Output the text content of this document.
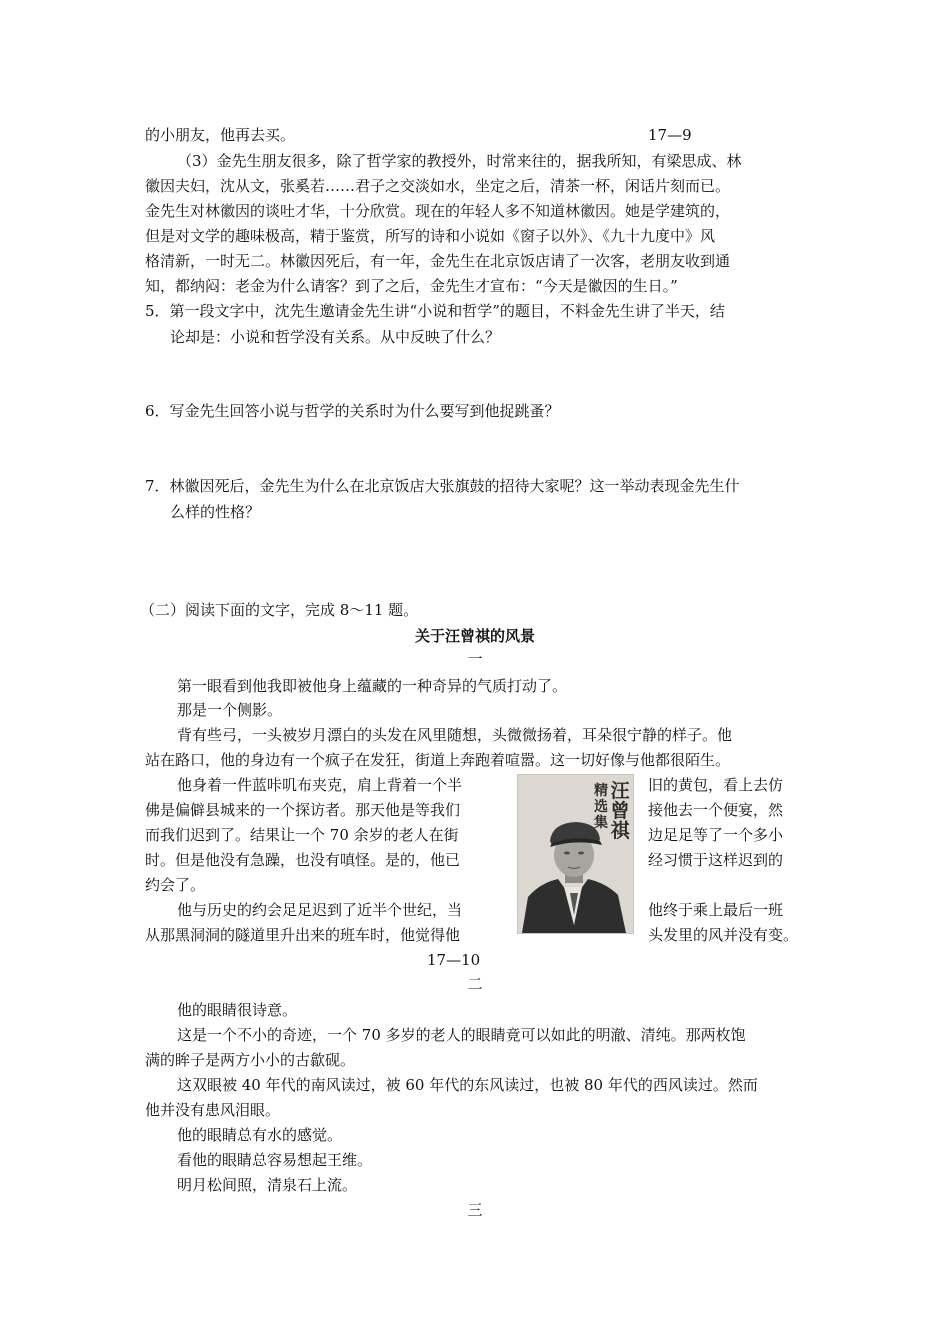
的小朋友，他再去买。	17—9
（3）金先生朋友很多，除了哲学家的教授外，时常来往的，据我所知，有梁思成、林
徽因夫妇，沈从文，张奚若……君子之交淡如水，坐定之后，清茶一杯，闲话片刻而已。
金先生对林徽因的谈吐才华，十分欣赏。现在的年轻人多不知道林徽因。她是学建筑的，
但是对文学的趣味极高，精于鉴赏，所写的诗和小说如《窗子以外》、《九十九度中》风
格清新，一时无二。林徽因死后，有一年，金先生在北京饭店请了一次客，老朋友收到通
知，都纳闷：老金为什么请客？到了之后，金先生才宣布：“今天是徽因的生日。”
5．第一段文字中，沈先生邀请金先生讲“小说和哲学”的题目，不料金先生讲了半天，结
论却是：小说和哲学没有关系。从中反映了什么？
6．写金先生回答小说与哲学的关系时为什么要写到他捉跳蚤？
7．林徽因死后，金先生为什么在北京饭店大张旗鼓的招待大家呢？这一举动表现金先生什
么样的性格？
（二）阅读下面的文字，完成 8～11 题。
关于汪曾祺的风景
一
第一眼看到他我即被他身上蕴藏的一种奇异的气质打动了。
那是一个侧影。
背有些弓，一头被岁月漂白的头发在风里随想，头微微扬着，耳朵很宁静的样子。他
站在路口，他的身边有一个疯子在发狂，街道上奔跑着喧嚣。这一切好像与他都很陌生。
他身着一件蓝咔叽布夹克，肩上背着一个半	旧的黄包，看上去仿
佛是偏僻县城来的一个探访者。那天他是等我们	接他去一个便宴，然
而我们迟到了。结果让一个 70 余岁的老人在街	边足足等了一个多小
时。但是他没有急躁，也没有嗔怪。是的，他已	经习惯于这样迟到的
约会了。
他与历史的约会足足迟到了近半个世纪，当	他终于乘上最后一班
从那黑洞洞的隧道里升出来的班车时，他觉得他	头发里的风并没有变。
汪
曾
祺
精
选
集
17—10
二
他的眼睛很诗意。
这是一个不小的奇迹，一个 70 多岁的老人的眼睛竟可以如此的明澈、清纯。那两枚饱
满的眸子是两方小小的古歙砚。
这双眼被 40 年代的南风读过，被 60 年代的东风读过，也被 80 年代的西风读过。然而
他并没有患风泪眼。
他的眼睛总有水的感觉。
看他的眼睛总容易想起王维。
明月松间照，清泉石上流。
三
